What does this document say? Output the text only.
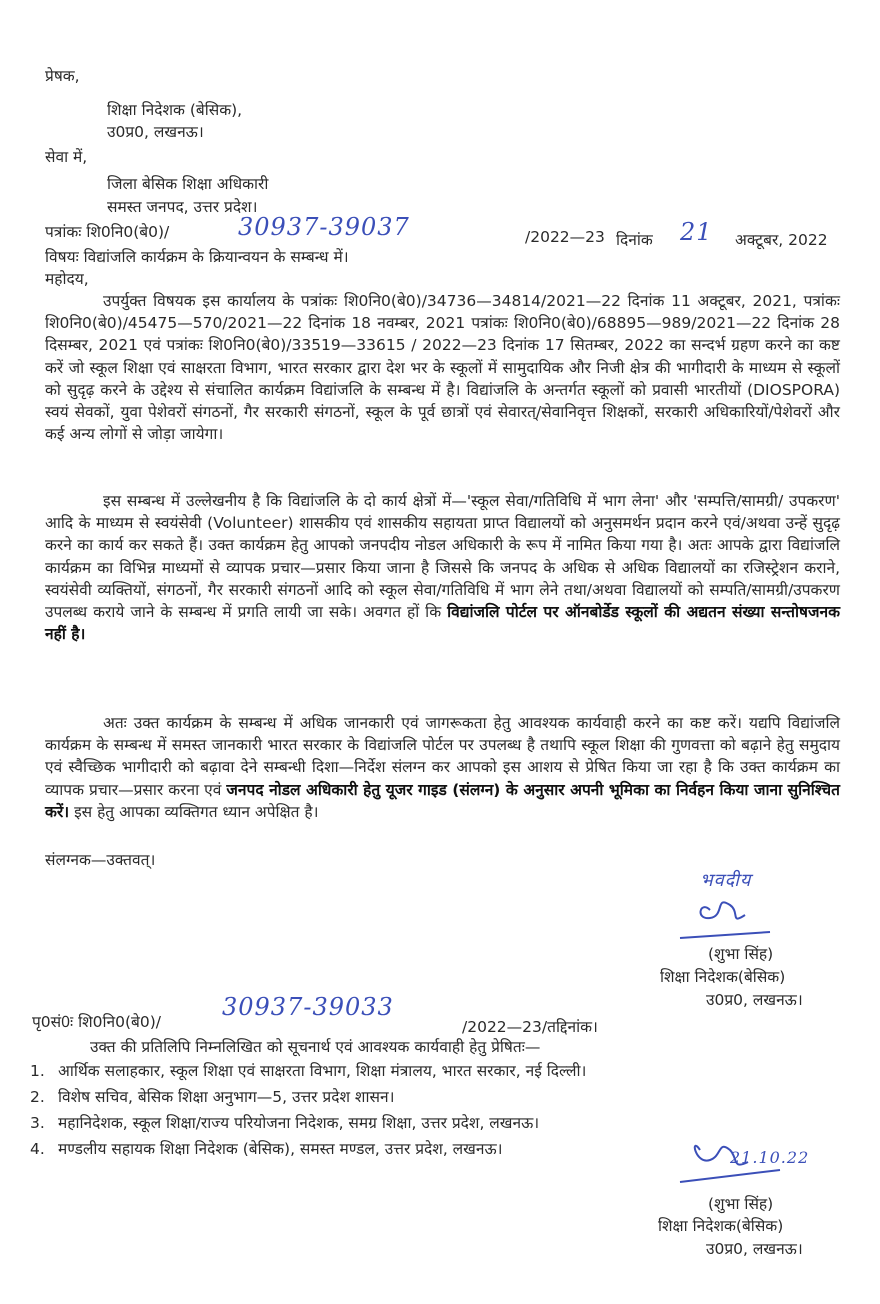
प्रेषक,
शिक्षा निदेशक (बेसिक),
उ0प्र0, लखनऊ।
सेवा में,
जिला बेसिक शिक्षा अधिकारी
समस्त जनपद, उत्तर प्रदेश।
पत्रांकः शि0नि0(बे0)/	30937-39037	/2022—23 दिनांक 21 अक्टूबर, 2022
विषयः विद्यांजलि कार्यक्रम के क्रियान्वयन के सम्बन्ध में।
महोदय,
उपर्युक्त विषयक इस कार्यालय के पत्रांकः शि0नि0(बे0)/34736—34814/2021—22 दिनांक 11 अक्टूबर, 2021, पत्रांकः शि0नि0(बे0)/45475—570/2021—22 दिनांक 18 नवम्बर, 2021 पत्रांकः शि0नि0(बे0)/68895—989/2021—22 दिनांक 28 दिसम्बर, 2021 एवं पत्रांकः शि0नि0(बे0)/33519—33615 / 2022—23 दिनांक 17 सितम्बर, 2022 का सन्दर्भ ग्रहण करने का कष्ट करें जो स्कूल शिक्षा एवं साक्षरता विभाग, भारत सरकार द्वारा देश भर के स्कूलों में सामुदायिक और निजी क्षेत्र की भागीदारी के माध्यम से स्कूलों को सुदृढ़ करने के उद्देश्य से संचालित कार्यक्रम विद्यांजलि के सम्बन्ध में है। विद्यांजलि के अन्तर्गत स्कूलों को प्रवासी भारतीयों (DIOSPORA) स्वयं सेवकों, युवा पेशेवरों संगठनों, गैर सरकारी संगठनों, स्कूल के पूर्व छात्रों एवं सेवारत्/सेवानिवृत्त शिक्षकों, सरकारी अधिकारियों/पेशेवरों और कई अन्य लोगों से जोड़ा जायेगा।
इस सम्बन्ध में उल्लेखनीय है कि विद्यांजलि के दो कार्य क्षेत्रों में—'स्कूल सेवा/गतिविधि में भाग लेना' और 'सम्पत्ति/सामग्री/ उपकरण' आदि के माध्यम से स्वयंसेवी (Volunteer) शासकीय एवं शासकीय सहायता प्राप्त विद्यालयों को अनुसमर्थन प्रदान करने एवं/अथवा उन्हें सुदृढ़ करने का कार्य कर सकते हैं। उक्त कार्यक्रम हेतु आपको जनपदीय नोडल अधिकारी के रूप में नामित किया गया है। अतः आपके द्वारा विद्यांजलि कार्यक्रम का विभिन्न माध्यमों से व्यापक प्रचार—प्रसार किया जाना है जिससे कि जनपद के अधिक से अधिक विद्यालयों का रजिस्ट्रेशन कराने, स्वयंसेवी व्यक्तियों, संगठनों, गैर सरकारी संगठनों आदि को स्कूल सेवा/गतिविधि में भाग लेने तथा/अथवा विद्यालयों को सम्पति/सामग्री/उपकरण उपलब्ध कराये जाने के सम्बन्ध में प्रगति लायी जा सके। अवगत हों कि विद्यांजलि पोर्टल पर ऑनबोर्डेड स्कूलों की अद्यतन संख्या सन्तोषजनक नहीं है।
अतः उक्त कार्यक्रम के सम्बन्ध में अधिक जानकारी एवं जागरूकता हेतु आवश्यक कार्यवाही करने का कष्ट करें। यद्यपि विद्यांजलि कार्यक्रम के सम्बन्ध में समस्त जानकारी भारत सरकार के विद्यांजलि पोर्टल पर उपलब्ध है तथापि स्कूल शिक्षा की गुणवत्ता को बढ़ाने हेतु समुदाय एवं स्वैच्छिक भागीदारी को बढ़ावा देने सम्बन्धी दिशा—निर्देश संलग्न कर आपको इस आशय से प्रेषित किया जा रहा है कि उक्त कार्यक्रम का व्यापक प्रचार—प्रसार करना एवं जनपद नोडल अधिकारी हेतु यूजर गाइड (संलग्न) के अनुसार अपनी भूमिका का निर्वहन किया जाना सुनिश्चित करें। इस हेतु आपका व्यक्तिगत ध्यान अपेक्षित है।
संलग्नक—उक्तवत्।
भवदीय
(शुभा सिंह)
शिक्षा निदेशक(बेसिक)
उ0प्र0, लखनऊ।
पृ0सं0ः शि0नि0(बे0)/
30937-39033
/2022—23/तद्दिनांक।
उक्त की प्रतिलिपि निम्नलिखित को सूचनार्थ एवं आवश्यक कार्यवाही हेतु प्रेषितः—
1. आर्थिक सलाहकार, स्कूल शिक्षा एवं साक्षरता विभाग, शिक्षा मंत्रालय, भारत सरकार, नई दिल्ली।
2. विशेष सचिव, बेसिक शिक्षा अनुभाग—5, उत्तर प्रदेश शासन।
3. महानिदेशक, स्कूल शिक्षा/राज्य परियोजना निदेशक, समग्र शिक्षा, उत्तर प्रदेश, लखनऊ।
4. मण्डलीय सहायक शिक्षा निदेशक (बेसिक), समस्त मण्डल, उत्तर प्रदेश, लखनऊ।	21.10.22
(शुभा सिंह)
शिक्षा निदेशक(बेसिक)
उ0प्र0, लखनऊ।
